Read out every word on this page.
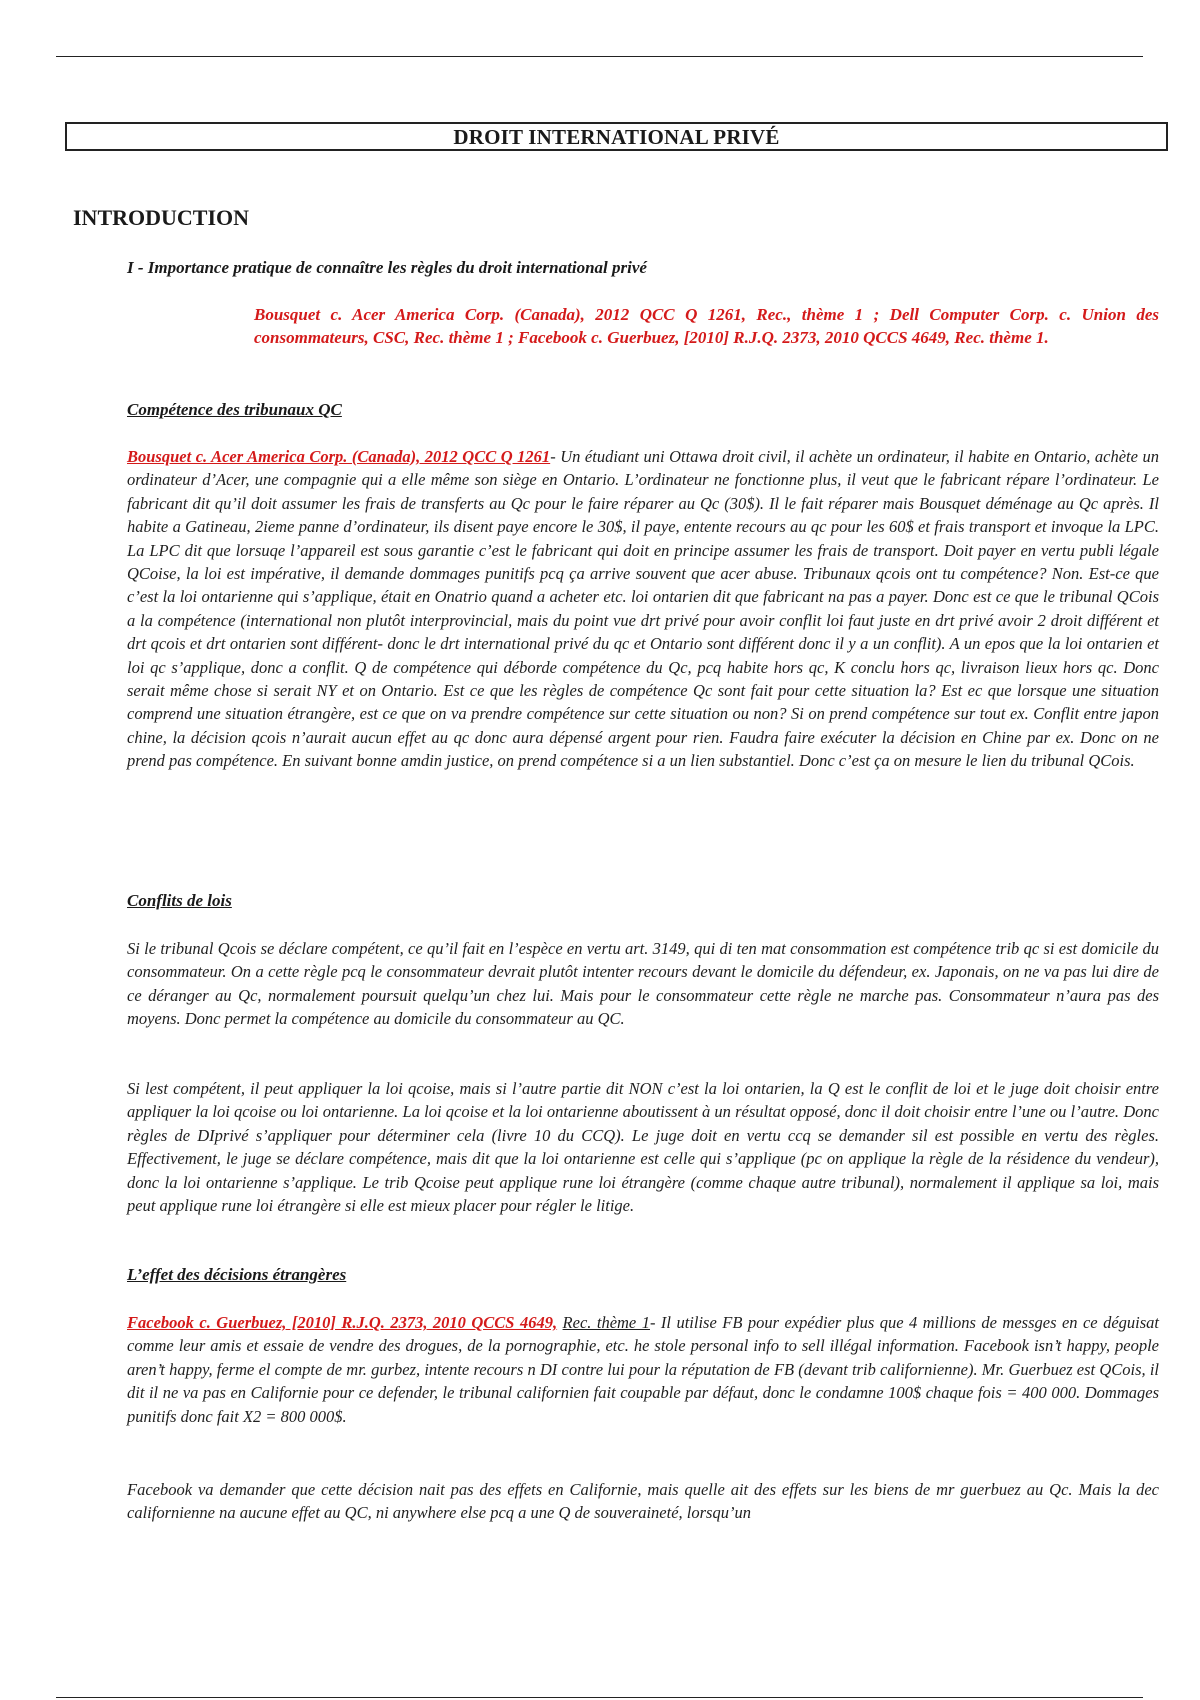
DROIT INTERNATIONAL PRIVÉ
INTRODUCTION
I - Importance pratique de connaître les règles du droit international privé
Bousquet c. Acer America Corp. (Canada), 2012 QCC Q 1261, Rec., thème 1 ; Dell Computer Corp. c. Union des consommateurs, CSC, Rec. thème 1 ; Facebook c. Guerbuez, [2010] R.J.Q. 2373, 2010 QCCS 4649, Rec. thème 1.
Compétence des tribunaux QC

Bousquet c. Acer America Corp. (Canada), 2012 QCC Q 1261- Un étudiant uni Ottawa droit civil, il achète un ordinateur, il habite en Ontario, achète un ordinateur d’Acer, une compagnie qui a elle même son siège en Ontario. L’ordinateur ne fonctionne plus, il veut que le fabricant répare l’ordinateur. Le fabricant dit qu’il doit assumer les frais de transferts au Qc pour le faire réparer au Qc (30$). Il le fait réparer mais Bousquet déménage au Qc après. Il habite a Gatineau, 2ieme panne d’ordinateur, ils disent paye encore le 30$, il paye, entente recours au qc pour les 60$ et frais transport et invoque la LPC. La LPC dit que lorsuqe l’appareil est sous garantie c’est le fabricant qui doit en principe assumer les frais de transport. Doit payer en vertu publi légale QCoise, la loi est impérative, il demande dommages punitifs pcq ça arrive souvent que acer abuse. Tribunaux qcois ont tu compétence? Non. Est-ce que c’est la loi ontarienne qui s’applique, était en Onatrio quand a acheter etc. loi ontarien dit que fabricant na pas a payer. Donc est ce que le tribunal QCois a la compétence (international non plutôt interprovincial, mais du point vue drt privé pour avoir conflit loi faut juste en drt privé avoir 2 droit différent et drt qcois et drt ontarien sont différent- donc le drt international privé du qc et Ontario sont différent donc il y a un conflit). A un epos que la loi ontarien et loi qc s’applique, donc a conflit. Q de compétence qui déborde compétence du Qc, pcq habite hors qc, K conclu hors qc, livraison lieux hors qc. Donc serait même chose si serait NY et on Ontario. Est ce que les règles de compétence Qc sont fait pour cette situation la? Est ec que lorsque une situation comprend une situation étrangère, est ce que on va prendre compétence sur cette situation ou non? Si on prend compétence sur tout ex. Conflit entre japon chine, la décision qcois n’aurait aucun effet au qc donc aura dépensé argent pour rien. Faudra faire exécuter la décision en Chine par ex. Donc on ne prend pas compétence. En suivant bonne amdin justice, on prend compétence si a un lien substantiel. Donc c’est ça on mesure le lien du tribunal QCois.

Conflits de lois

Si le tribunal Qcois se déclare compétent, ce qu’il fait en l’espèce en vertu art. 3149, qui di ten mat consommation est compétence trib qc si est domicile du consommateur. On a cette règle pcq le consommateur devrait plutôt intenter recours devant le domicile du défendeur, ex. Japonais, on ne va pas lui dire de ce déranger au Qc, normalement poursuit quelqu’un chez lui. Mais pour le consommateur cette règle ne marche pas. Consommateur n’aura pas des moyens. Donc permet la compétence au domicile du consommateur au QC.

Si lest compétent, il peut appliquer la loi qcoise, mais si l’autre partie dit NON c’est la loi ontarien, la Q est le conflit de loi et le juge doit choisir entre appliquer la loi qcoise ou loi ontarienne. La loi qcoise et la loi ontarienne aboutissent à un résultat opposé, donc il doit choisir entre l’une ou l’autre. Donc règles de DIprivé s’appliquer pour déterminer cela (livre 10 du CCQ). Le juge doit en vertu ccq se demander sil est possible en vertu des règles. Effectivement, le juge se déclare compétence, mais dit que la loi ontarienne est celle qui s’applique (pc on applique la règle de la résidence du vendeur), donc la loi ontarienne s’applique. Le trib Qcoise peut applique rune loi étrangère (comme chaque autre tribunal), normalement il applique sa loi, mais peut applique rune loi étrangère si elle est mieux placer pour régler le litige.

L’effet des décisions étrangères

Facebook c. Guerbuez, [2010] R.J.Q. 2373, 2010 QCCS 4649, Rec. thème 1- Il utilise FB pour expédier plus que 4 millions de messges en ce déguisat comme leur amis et essaie de vendre des drogues, de la pornographie, etc. he stole personal info to sell illégal information. Facebook isn’t happy, people aren’t happy, ferme el compte de mr. gurbez, intente recours n DI contre lui pour la réputation de FB (devant trib californienne). Mr. Guerbuez est QCois, il dit il ne va pas en Californie pour ce defender, le tribunal californien fait coupable par défaut, donc le condamne 100$ chaque fois = 400 000. Dommages punitifs donc fait X2 = 800 000$.

Facebook va demander que cette décision nait pas des effets en Californie, mais quelle ait des effets sur les biens de mr guerbuez au Qc. Mais la dec californienne na aucune effet au QC, ni anywhere else pcq a une Q de souveraineté, lorsqu’un
